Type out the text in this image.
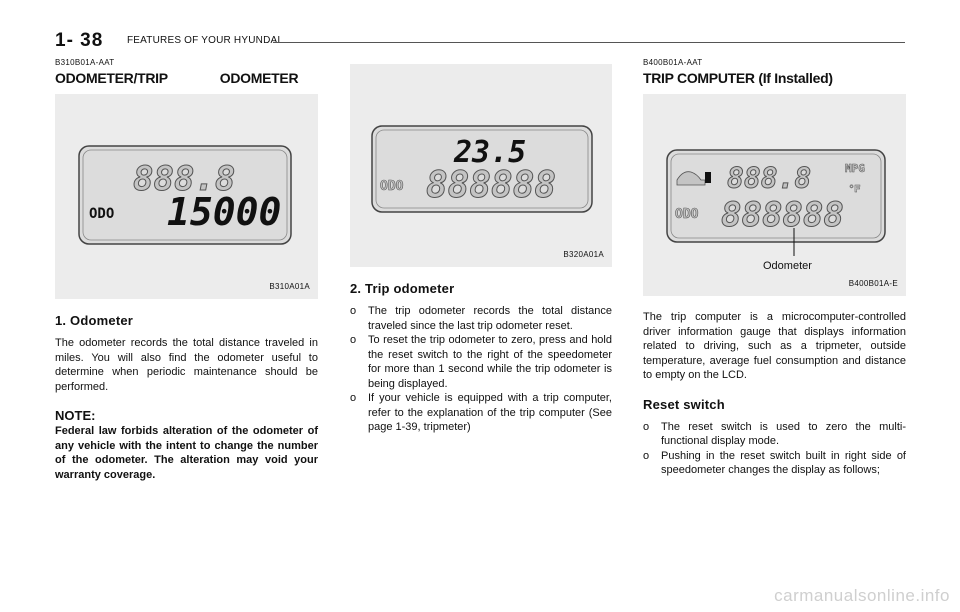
1- 38 FEATURES OF YOUR HYUNDAI
B310B01A-AAT
ODOMETER/TRIP	ODOMETER
888.8
ODO 15000
B310A01A
1. Odometer

The odometer records the total distance traveled in miles. You will also find the odometer useful to determine when periodic maintenance should be performed.

NOTE:

Federal law forbids alteration of the odometer of any vehicle with the intent to change the number of the odometer. The alteration may void your warranty coverage.

23.5
ODO 888888
B320A01A
2. Trip odometer
o The trip odometer records the total distance traveled since the last trip odometer reset.
o To reset the trip odometer to zero, press and hold the reset switch to the right of the speedometer for more than 1 second while the trip odometer is being displayed.
o If your vehicle is equipped with a trip computer, refer to the explanation of the trip computer (See page 1-39, tripmeter)
B400B01A-AAT
TRIP COMPUTER (If Installed)
888.8	MPG
°F
ODO 888888
Odometer
B400B01A-E

The trip computer is a microcomputer-controlled driver information gauge that displays information related to driving, such as a tripmeter, outside temperature, average fuel consumption and distance to empty on the LCD.

Reset switch
o The reset switch is used to zero the multi-functional display mode.
o Pushing in the reset switch built in right side of speedometer changes the display as follows;
carmanualsonline.info
